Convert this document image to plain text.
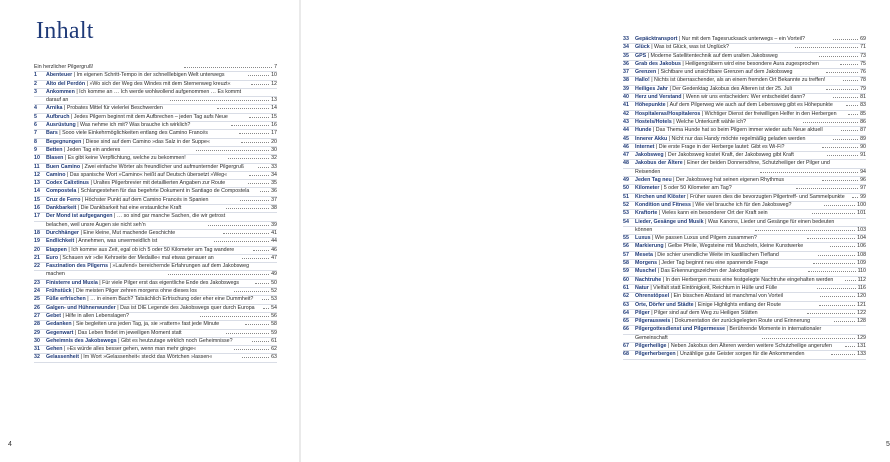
Inhalt
Ein herzlicher Pilgergruß!	7
1	Abenteuer | Im eigenen Schritt-Tempo in der schnelllebigen Welt unterwegs	10
2	Alto del Perdón | »Wo sich der Weg des Windes mit dem Sternenweg kreuzt«	12
3	Ankommen | Ich komme an … Ich werde wohlwollend aufgenommen … Es kommt
darauf an	13
4	Arnika | Probates Mittel für vielerlei Beschwerden	14
5	Aufbruch | Jedes Pilgern beginnt mit dem Aufbrechen – jeden Tag aufs Neue	15
6	Ausrüstung | Was nehme ich mit? Was brauche ich wirklich?	16
7	Bars | Sooo viele Einkehrmöglichkeiten entlang des Camino Francés	17
8	Begegnungen | Diese sind auf dem Camino »das Salz in der Suppe«	20
9	Betten | Jeden Tag ein anderes	30
10	Blasen | Es gibt keine Verpflichtung, welche zu bekommen!	32
11	Buen Camino | Zwei einfache Wörter als freundlicher und aufmunternder Pilgergruß	33
12	Camino | Das spanische Wort »Camino« heißt auf Deutsch übersetzt »Weg«	34
13	Codex Calixtinus | Uraltes Pilgerbrevier mit detaillierten Angaben zur Route	35
14	Compostela | Schlangestehen für das begehrte Dokument in Santiago de Compostela	36
15	Cruz de Ferro | Höchster Punkt auf dem Camino Francés in Spanien	37
16	Dankbarkeit | Die Dankbarkeit hat eine erstaunliche Kraft	38
17	Der Mond ist aufgegangen | … so sind gar manche Sachen, die wir getrost
belachen, weil unsre Augen sie nicht seh'n	39
18	Durchhänger | Eine kleine, Mut machende Geschichte	41
19	Endlichkeit | Annehmen, was unvermeidlich ist	44
20	Etappen | Ich komme aus Zeit, egal ob ich 5 oder 50 Kilometer am Tag wandere	46
21	Euro | Schauen wir »die Kehrseite der Medaille« mal etwas genauer an	47
22	Faszination des Pilgerns | »Laufend« bereichernde Erfahrungen auf dem Jakobsweg
machen	49
23	Finisterre und Muxía | Für viele Pilger erst das eigentliche Ende des Jakobswegs	50
24	Frühstück | Die meisten Pilger zehren morgens ohne dieses los	52
25	Füße erfrischen | … in einem Bach? Tatsächlich Erfrischung oder eher eine Dummheit?	53
26	Galgen- und Hühnerwunder | Das ist DIE Legende des Jakobswegs quer durch Europa	54
27	Gebet | Hilfe in allen Lebenslagen?	56
28	Gedanken | Sie begleiten uns jeden Tag, ja, sie »rattern« fast jede Minute	58
29	Gegenwart | Das Leben findet im jeweiligen Moment statt	59
30	Geheimnis des Jakobswegs | Gibt es heutzutage wirklich noch Geheimnisse?	61
31	Gehen | »Es würde alles besser gehen, wenn man mehr ginge«	62
32	Gelassenheit | Im Wort »Gelassenheit« steckt das Wörtchen »lassen«	63
4
33	Gepäcktransport | Nur mit dem Tagesrucksack unterwegs – ein Vorteil?	69
34	Glück | Was ist Glück, was ist Unglück?	71
35	GPS | Moderne Satellitentechnik auf dem uralten Jakobsweg	73
36	Grab des Jakobus | Heiligengräbern wird eine besondere Aura zugesprochen	75
37	Grenzen | Sichtbare und unsichtbare Grenzen auf dem Jakobsweg	76
38	Hallo! | Nichts ist überraschender, als an einem fremden Ort Bekannte zu treffen!	78
39	Heiliges Jahr | Der Gedenktag Jakobus des Älteren ist der 25. Juli	79
40	Herz und Verstand | Wenn wir uns entscheiden: Wer entscheidet dann?	81
41	Höhepunkte | Auf dem Pilgerweg wie auch auf dem Lebensweg gibt es Höhepunkte	83
42	Hospitaleras/Hospitaleros | Wichtiger Dienst der freiwilligen Helfer in den Herbergen	85
43	Hostels/Hotels | Welche Unterkunft wähle ich?	86
44	Hunde | Das Thema Hunde hat so beim Pilgern immer wieder aufs Neue aktuell	87
45	Innerer Akku | Nicht nur das Handy möchte regelmäßig geladen werden	89
46	Internet | Die erste Frage in der Herberge lautet: Gibt es Wi-Fi?	90
47	Jakobsweg | Der Jakobsweg kostet Kraft, der Jakobsweg gibt Kraft	91
48	Jakobus der Ältere | Einer der beiden Donnersöhne, Schutzheiliger der Pilger und
Reisenden	94
49	Jeden Tag neu | Der Jakobsweg hat seinen eigenen Rhythmus	96
50	Kilometer | 5 oder 50 Kilometer am Tag?	97
51	Kirchen und Klöster | Früher waren dies die bevorzugten Pilgertreff- und Sammelpunkte	99
52	Kondition und Fitness | Wie viel brauche ich für den Jakobsweg?	100
53	Kraftorte | Vieles kann ein besonderer Ort der Kraft sein	101
54	Lieder, Gesänge und Musik | Was Kanons, Lieder und Gesänge für einen bedeuten
können	103
55	Luxus | Wie passen Luxus und Pilgern zusammen?	104
56	Markierung | Gelbe Pfeile, Wegsteine mit Muscheln, kleine Kunstwerke	106
57	Meseta | Die schier unendliche Weite im kastilischen Tiefland	108
58	Morgens | Jeder Tag beginnt neu eine spannende Frage	109
59	Muschel | Das Erkennungszeichen der Jakobspilger	110
60	Nachtruhe | In den Herbergen muss eine festgelegte Nachtruhe eingehalten werden	112
61	Natur | Vielfalt statt Eintönigkeit, Reichtum in Hülle und Fülle	116
62	Ohrenstöpsel | Ein bisschen Abstand ist manchmal von Vorteil	120
63	Orte, Dörfer und Städte | Einige Highlights entlang der Route	121
64	Pilger | Pilger sind auf dem Weg zu Heiligen Stätten	122
65	Pilgerausweis | Dokumentation der zurückgelegten Route und Erinnerung	128
66	Pilgergottesdienst und Pilgermesse | Berührende Momente in internationaler
Gemeinschaft	129
67	Pilgerheilige | Neben Jakobus den Älteren werden weitere Schutzheilige angerufen	131
68	Pilgerherbergen | Unzählige gute Geister sorgen für die Ankommenden	133
5
